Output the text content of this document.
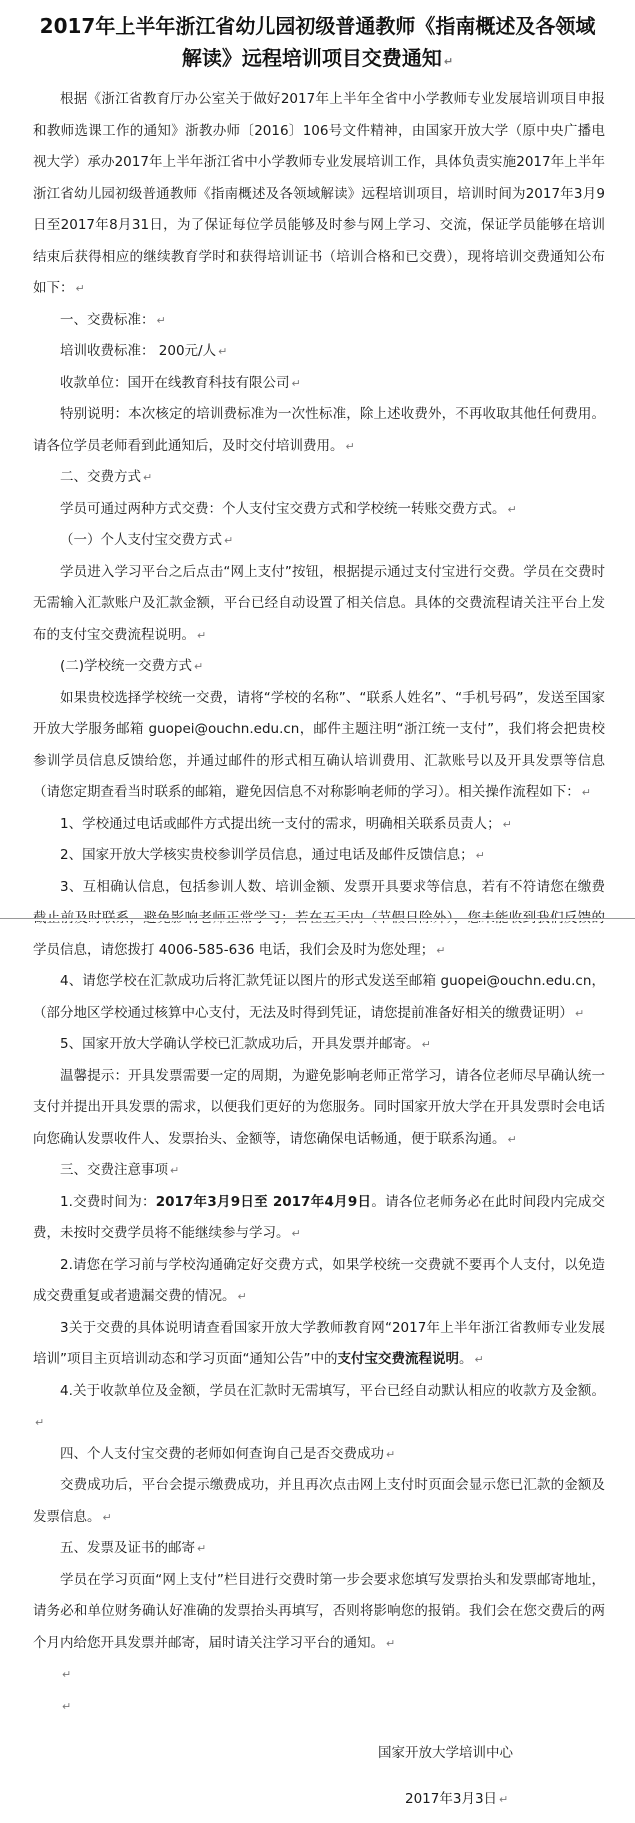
2017年上半年浙江省幼儿园初级普通教师《指南概述及各领域
解读》远程培训项目交费通知 ↵

根据《浙江省教育厅办公室关于做好2017年上半年全省中小学教师专业发展培训项目申报和教师选课工作的通知》浙教办师〔2016〕106号文件精神，由国家开放大学（原中央广播电视大学）承办2017年上半年浙江省中小学教师专业发展培训工作，具体负责实施2017年上半年浙江省幼儿园初级普通教师《指南概述及各领域解读》远程培训项目，培训时间为2017年3月9日至2017年8月31日，为了保证每位学员能够及时参与网上学习、交流，保证学员能够在培训结束后获得相应的继续教育学时和获得培训证书（培训合格和已交费），现将培训交费通知公布如下： ↵

一、交费标准： ↵

培训收费标准： 200元/人 ↵

收款单位：国开在线教育科技有限公司 ↵

特别说明：本次核定的培训费标准为一次性标准，除上述收费外，不再收取其他任何费用。请各位学员老师看到此通知后，及时交付培训费用。 ↵

二、交费方式 ↵

学员可通过两种方式交费：个人支付宝交费方式和学校统一转账交费方式。 ↵

（一）个人支付宝交费方式 ↵

学员进入学习平台之后点击“网上支付”按钮，根据提示通过支付宝进行交费。学员在交费时无需输入汇款账户及汇款金额，平台已经自动设置了相关信息。具体的交费流程请关注平台上发布的支付宝交费流程说明。 ↵

(二)学校统一交费方式 ↵

如果贵校选择学校统一交费，请将“学校的名称”、“联系人姓名”、“手机号码”，发送至国家开放大学服务邮箱 guopei@ouchn.edu.cn，邮件主题注明“浙江统一支付”，我们将会把贵校参训学员信息反馈给您，并通过邮件的形式相互确认培训费用、汇款账号以及开具发票等信息（请您定期查看当时联系的邮箱，避免因信息不对称影响老师的学习）。相关操作流程如下： ↵

1、学校通过电话或邮件方式提出统一支付的需求，明确相关联系员责人； ↵

2、国家开放大学核实贵校参训学员信息，通过电话及邮件反馈信息； ↵

3、互相确认信息，包括参训人数、培训金额、发票开具要求等信息，若有不符请您在缴费 学员信息，请您拨打 4006-585-636 电话，我们会及时为您处理； ↵

4、请您学校在汇款成功后将汇款凭证以图片的形式发送至邮箱 guopei@ouchn.edu.cn，（部分地区学校通过核算中心支付，无法及时得到凭证，请您提前准备好相关的缴费证明） ↵

5、国家开放大学确认学校已汇款成功后，开具发票并邮寄。 ↵

温馨提示：开具发票需要一定的周期，为避免影响老师正常学习，请各位老师尽早确认统一支付并提出开具发票的需求，以便我们更好的为您服务。同时国家开放大学在开具发票时会电话向您确认发票收件人、发票抬头、金额等，请您确保电话畅通，便于联系沟通。 ↵

三、交费注意事项 ↵

1.交费时间为：2017年3月9日至 2017年4月9日。请各位老师务必在此时间段内完成交费，未按时交费学员将不能继续参与学习。 ↵

2.请您在学习前与学校沟通确定好交费方式，如果学校统一交费就不要再个人支付，以免造成交费重复或者遗漏交费的情况。 ↵

3关于交费的具体说明请查看国家开放大学教师教育网“2017年上半年浙江省教师专业发展培训”项目主页培训动态和学习页面“通知公告”中的支付宝交费流程说明。 ↵

4.关于收款单位及金额，学员在汇款时无需填写，平台已经自动默认相应的收款方及金额。↵

四、个人支付宝交费的老师如何查询自己是否交费成功 ↵

交费成功后，平台会提示缴费成功，并且再次点击网上支付时页面会显示您已汇款的金额及发票信息。 ↵

五、发票及证书的邮寄 ↵

学员在学习页面“网上支付”栏目进行交费时第一步会要求您填写发票抬头和发票邮寄地址，请务必和单位财务确认好准确的发票抬头再填写，否则将影响您的报销。我们会在您交费后的两个月内给您开具发票并邮寄，届时请关注学习平台的通知。 ↵

↵

↵

国家开放大学培训中心
2017年3月3日 ↵
